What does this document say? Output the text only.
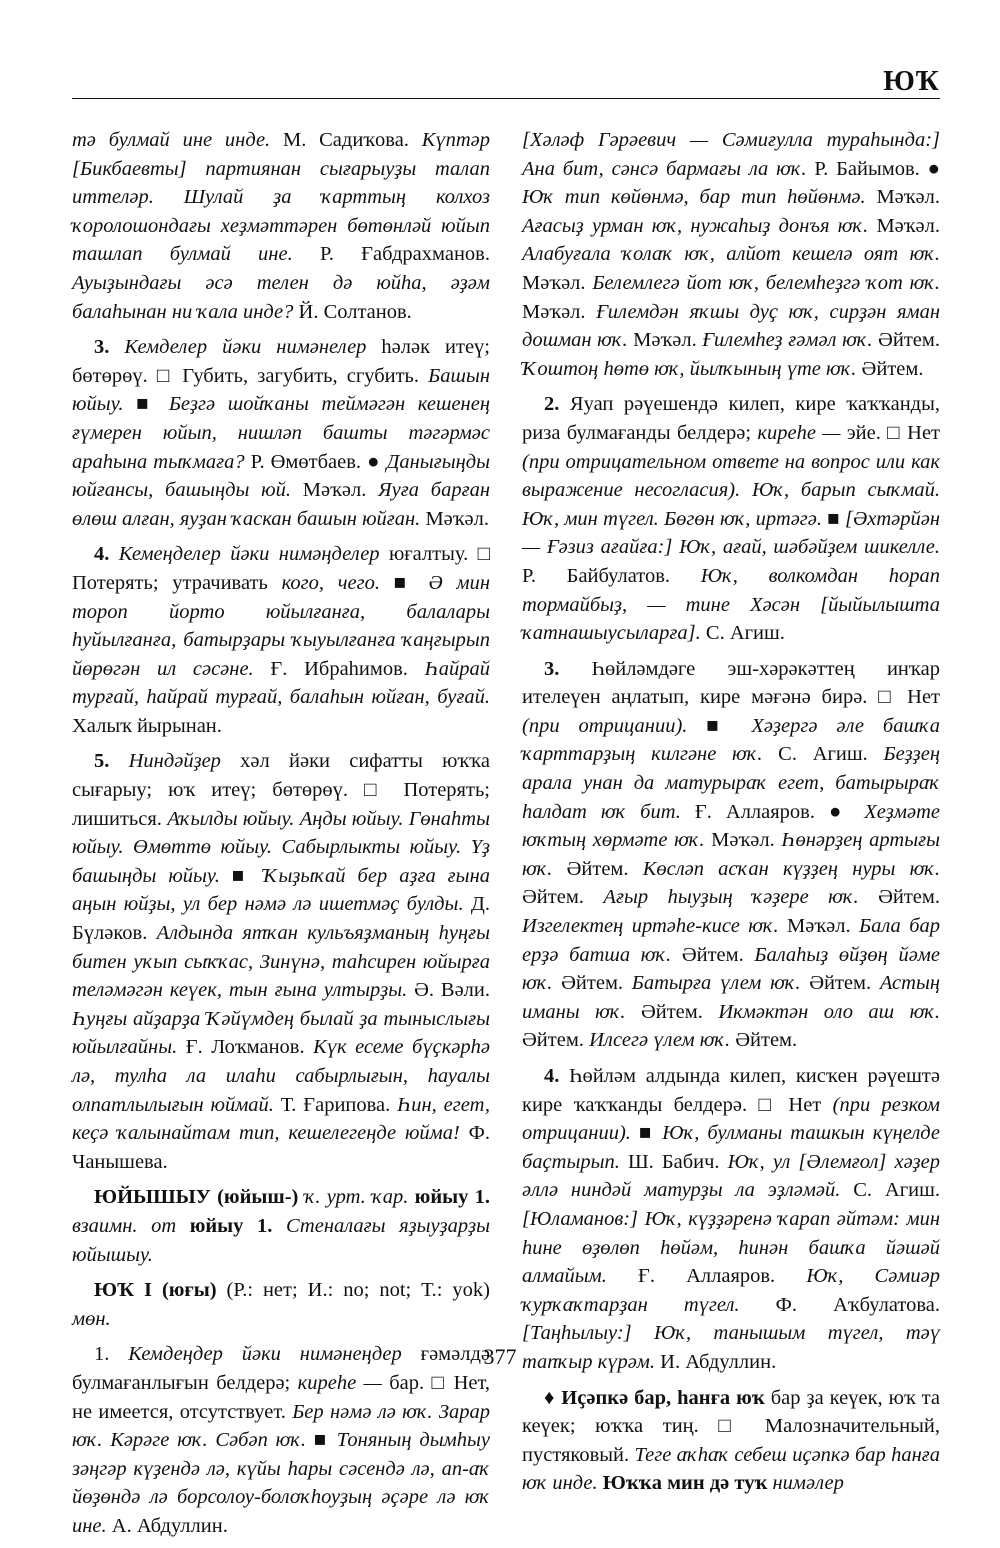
ЮҠ

тә булмай ине инде. М. Садиҡова. Күптәр [Бикбаевты] партиянан сығарыуҙы талап иттеләр. Шулай ҙа ҡарттың колхоз ҡоролошондағы хеҙмәттәрен бөтөнләй юйып ташлап булмай ине. Р. Ғабдрахманов. Ауыҙындағы әсә телен дә юйһа, әҙәм балаһынан ни ҡала инде? Й. Солтанов.

3. Кемделер йәки нимәнелер һәләк итеү; бөтөрөү. □ Губить, загубить, сгубить. Башын юйыу. ■ Беҙгә шойҡаны теймәгән кешенең ғүмерен юйып, нишләп башты тәгәрмәс араһына тыҡмаға? Р. Өмөтбаев. ● Данығыңды юйғансы, башыңды юй. Мәҡәл. Яуға барған өлөш алған, яуҙан ҡаскан башын юйған. Мәҡәл.

4. Кемеңделер йәки нимәңделер юғалтыу. □ Потерять; утрачивать кого, чего. ■ Ә мин тороп йорто юйылғанға, балалары һуйылғанға, батырҙары ҡыуылғанға ҡаңғырып йөрөгән ил сәсәне. Ғ. Ибраһимов. Һайрай турғай, һайрай турғай, балаһын юйған, буғай. Халыҡ йырынан.

5. Ниндәйҙер хәл йәки сифатты юҡҡа сығарыу; юҡ итеү; бөтөрөү. □ Потерять; лишиться. Аҡылды юйыу. Аңды юйыу. Гөнаһты юйыу. Өмөттө юйыу. Сабырлыкты юйыу. Үҙ башыңды юйыу. ■ Ҡыҙыҡай бер аҙға ғына аңын юйҙы, ул бер нәмә лә ишетмәҫ булды. Д. Бүләков. Алдында ятҡан кульъяҙманың һуңғы битен уҡып сыҡҡас, Зинүнә, таһсирен юйырға теләмәгән кеүек, тын ғына ултырҙы. Ә. Вәли. Һуңғы айҙарҙа Ҡәйүмдең былай ҙа тыныслығы юйылғайны. Ғ. Лоҡманов. Күк есеме бүҫкәрһә лә, тулһа ла илаһи сабырлығын, һауалы олпатлылығын юймай. Т. Ғарипова. Һин, егет, кеҫә ҡалынайтам тип, кешелегеңде юйма! Ф. Чанышева.

ЮЙЫШЫУ (юйыш-) ҡ. урт. ҡар. юйыу 1. взаимн. от юйыу 1. Стеналағы яҙыуҙарҙы юйышыу.

ЮҠ I (юғы) (Р.: нет; И.: no; not; Т.: yok) мөн.

1. Кемдеңдер йәки нимәнеңдер ғәмәлдә булмағанлығын белдерә; киреһе — бар. □ Нет, не имеется, отсутствует. Бер нәмә лә юҡ. Зарар юҡ. Кәрәге юҡ. Сәбәп юҡ. ■ Тоняның дымһыу зәңгәр күҙендә лә, күйы һары сәсендә лә, ап-аҡ йөҙөндә лә борсолоу-болоҡһоуҙың әҫәре лә юҡ ине. А. Абдуллин.

[Хәләф Гәрәевич — Сәмиғулла тураһында:] Ана бит, сәнсә бармағы ла юҡ. Р. Байымов. ● Юҡ тип көйөнмә, бар тип һөйөнмә. Мәҡәл. Ағасыҙ урман юҡ, нужаһыҙ донъя юҡ. Мәҡәл. Алабуғала ҡолаҡ юҡ, алйот кешелә оят юҡ. Мәҡәл. Белемлегә йот юҡ, белемһеҙгә ҡот юҡ. Мәҡәл. Ғилемдән яҡшы дуҫ юҡ, сирҙән яман дошман юҡ. Мәҡәл. Ғилемһеҙ ғәмәл юҡ. Әйтем. Ҡоштоң һөтө юҡ, йылҡының үте юҡ. Әйтем.

2. Яуап рәүешендә килеп, кире ҡаҡҡанды, риза булмағанды белдерә; киреһе — эйе. □ Нет (при отрицательном ответе на вопрос или как выражение несогласия). Юҡ, барып сыҡмай. Юҡ, мин түгел. Бөгөн юҡ, иртәгә. ■ [Әхтәрйән — Ғәзиз ағайға:] Юҡ, ағай, шәбәйҙем шикелле. Р. Байбулатов. Юҡ, волкомдан һорап тормайбыҙ, — тине Хәсән [йыйылышта ҡатнашыусыларға]. С. Агиш.

3. Һөйләмдәге эш-хәрәкәттең инҡар ителеүен аңлатып, кире мәғәнә бирә. □ Нет (при отрицании). ■ Хәҙергә әле башҡа ҡарттарҙың килгәне юҡ. С. Агиш. Беҙҙең арала унан да матурыраҡ егет, батырыраҡ һалдат юҡ бит. Ғ. Аллаяров. ● Хеҙмәте юҡтың хөрмәте юҡ. Мәҡәл. Һөнәрҙең артығы юҡ. Әйтем. Көсләп асҡан күҙҙең нуры юҡ. Әйтем. Ағыр һыуҙың ҡәҙере юҡ. Әйтем. Изгелектең иртәһе-кисе юҡ. Мәҡәл. Бала бар ерҙә батша юҡ. Әйтем. Балаһыҙ өйҙөң йәме юҡ. Әйтем. Батырға үлем юҡ. Әйтем. Астың иманы юҡ. Әйтем. Икмәктән оло аш юҡ. Әйтем. Илсегә үлем юҡ. Әйтем.

4. Һөйләм алдында килеп, кисҡен рәүештә кире ҡаҡҡанды белдерә. □ Нет (при резком отрицании). ■ Юҡ, булманы ташкын күңелде баҫтырып. Ш. Бабич. Юҡ, ул [Әлемғол] хәҙер әллә ниндәй матурҙы ла эҙләмәй. С. Агиш. [Юламанов:] Юҡ, күҙҙәренә ҡарап әйтәм: мин һине өҙөлөп һөйәм, һинән башҡа йәшәй алмайым. Ғ. Аллаяров. Юҡ, Сәмиәр ҡурҡаҡтарҙан түгел. Ф. Аҡбулатова. [Таңһылыу:] Юҡ, танышым түгел, тәү тапҡыр күрәм. И. Абдуллин.

♦ Иҫәпкә бар, һанға юҡ бар ҙа кеүек, юҡ та кеүек; юҡҡа тиң. □ Малозначительный, пустяковый. Теге аҡһаҡ себеш иҫәпкә бар һанға юҡ инде. Юҡҡа мин дә туҡ нимәлер

377
